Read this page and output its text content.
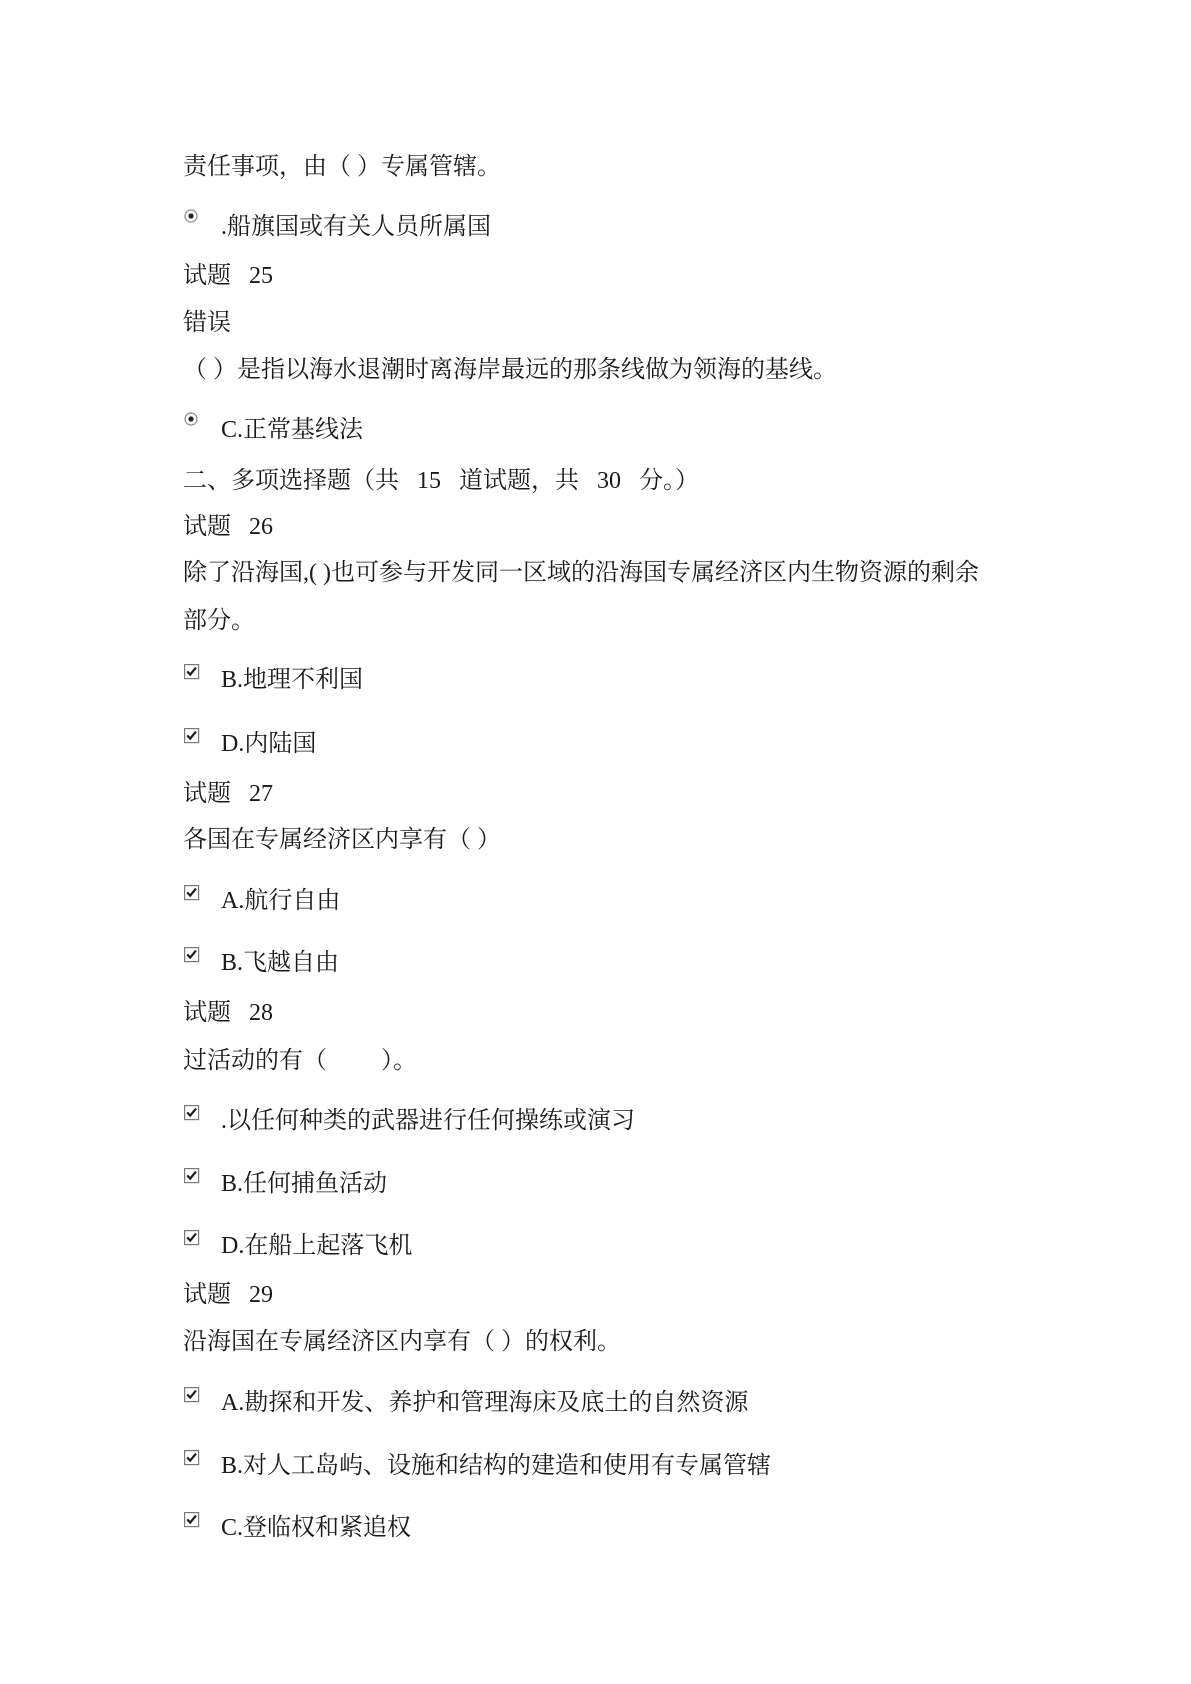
责任事项，由（ ）专属管辖。
.船旗国或有关人员所属国
试题   25
错误
（ ）是指以海水退潮时离海岸最远的那条线做为领海的基线。
C.正常基线法
二、多项选择题（共   15   道试题，共   30   分。）
试题   26
除了沿海国,( )也可参与开发同一区域的沿海国专属经济区内生物资源的剩余
部分。
B.地理不利国
D.内陆国
试题   27
各国在专属经济区内享有（ ）
A.航行自由
B.飞越自由
试题   28
过活动的有（         ）。
.以任何种类的武器进行任何操练或演习
B.任何捕鱼活动
D.在船上起落飞机
试题   29
沿海国在专属经济区内享有（ ）的权利。
A.勘探和开发、养护和管理海床及底土的自然资源
B.对人工岛屿、设施和结构的建造和使用有专属管辖
C.登临权和紧追权
